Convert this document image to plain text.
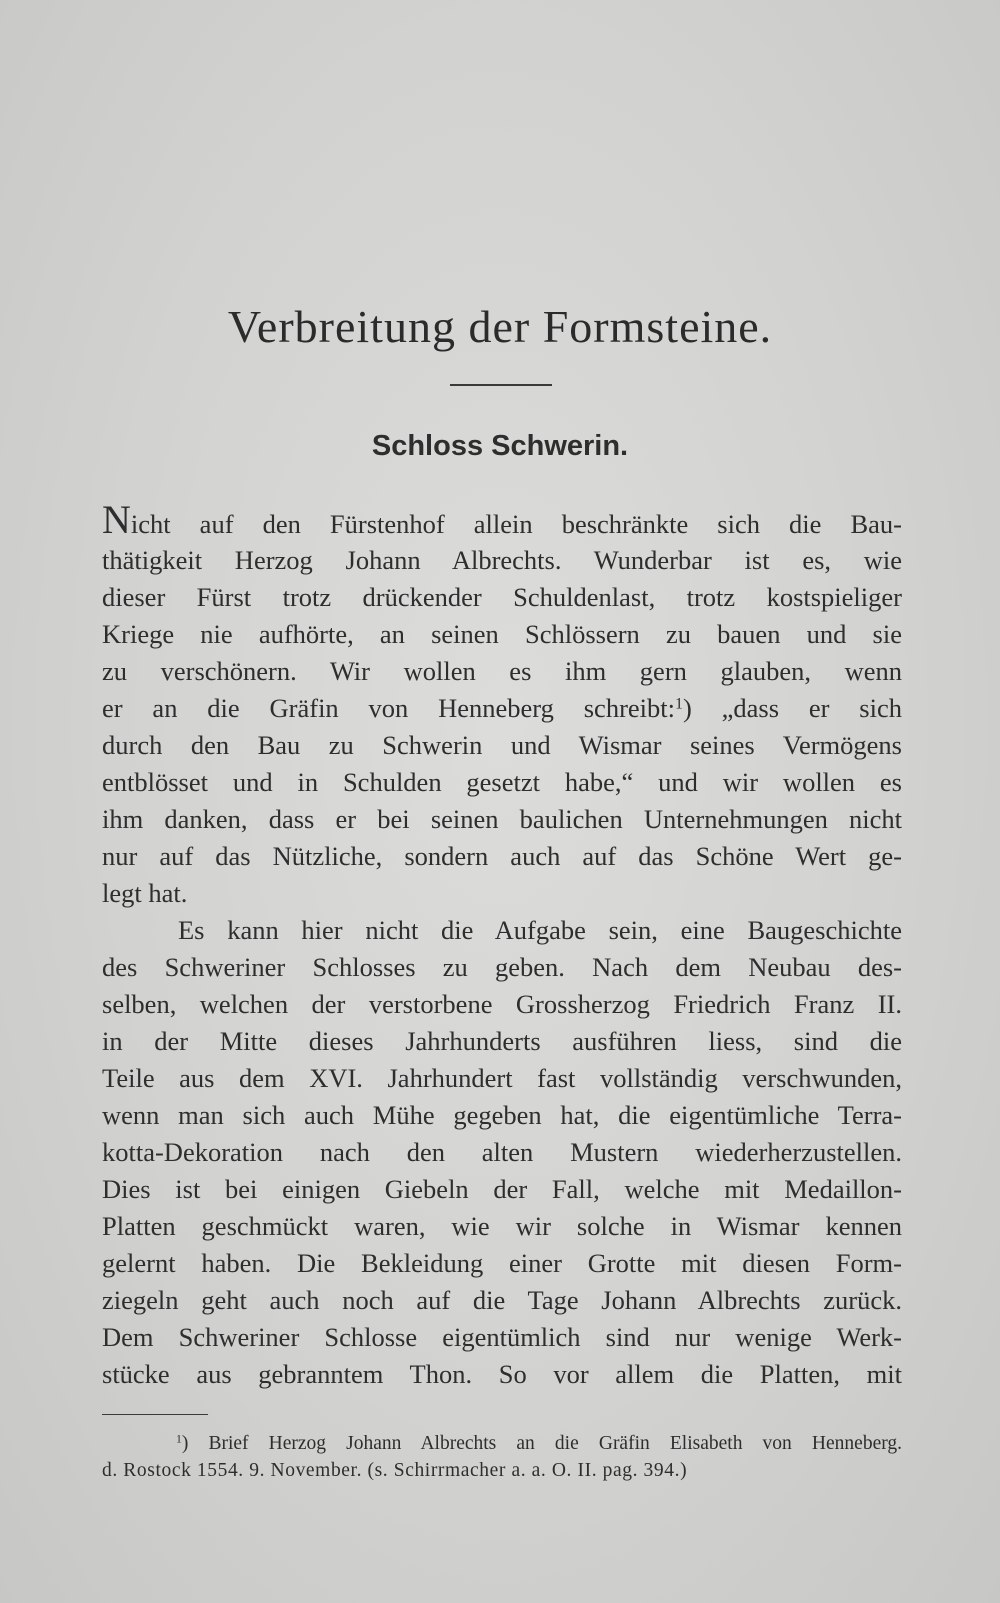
Verbreitung der Formsteine.
Schloss Schwerin.
Nicht auf den Fürstenhof allein beschränkte sich die Bau-
thätigkeit Herzog Johann Albrechts. Wunderbar ist es, wie
dieser Fürst trotz drückender Schuldenlast, trotz kostspieliger
Kriege nie aufhörte, an seinen Schlössern zu bauen und sie
zu verschönern. Wir wollen es ihm gern glauben, wenn
er an die Gräfin von Henneberg schreibt:$^1$) „dass er sich
durch den Bau zu Schwerin und Wismar seines Vermögens
entblösset und in Schulden gesetzt habe,“ und wir wollen es
ihm danken, dass er bei seinen baulichen Unternehmungen nicht
nur auf das Nützliche, sondern auch auf das Schöne Wert ge-
legt hat.
Es kann hier nicht die Aufgabe sein, eine Baugeschichte
des Schweriner Schlosses zu geben. Nach dem Neubau des-
selben, welchen der verstorbene Grossherzog Friedrich Franz II.
in der Mitte dieses Jahrhunderts ausführen liess, sind die
Teile aus dem XVI. Jahrhundert fast vollständig verschwunden,
wenn man sich auch Mühe gegeben hat, die eigentümliche Terra-
kotta-Dekoration nach den alten Mustern wiederherzustellen.
Dies ist bei einigen Giebeln der Fall, welche mit Medaillon-
Platten geschmückt waren, wie wir solche in Wismar kennen
gelernt haben. Die Bekleidung einer Grotte mit diesen Form-
ziegeln geht auch noch auf die Tage Johann Albrechts zurück.
Dem Schweriner Schlosse eigentümlich sind nur wenige Werk-
stücke aus gebranntem Thon. So vor allem die Platten, mit
$^1$) Brief Herzog Johann Albrechts an die Gräfin Elisabeth von Henneberg.
d. Rostock 1554. 9. November. (s. Schirrmacher a. a. O. II. pag. 394.)
